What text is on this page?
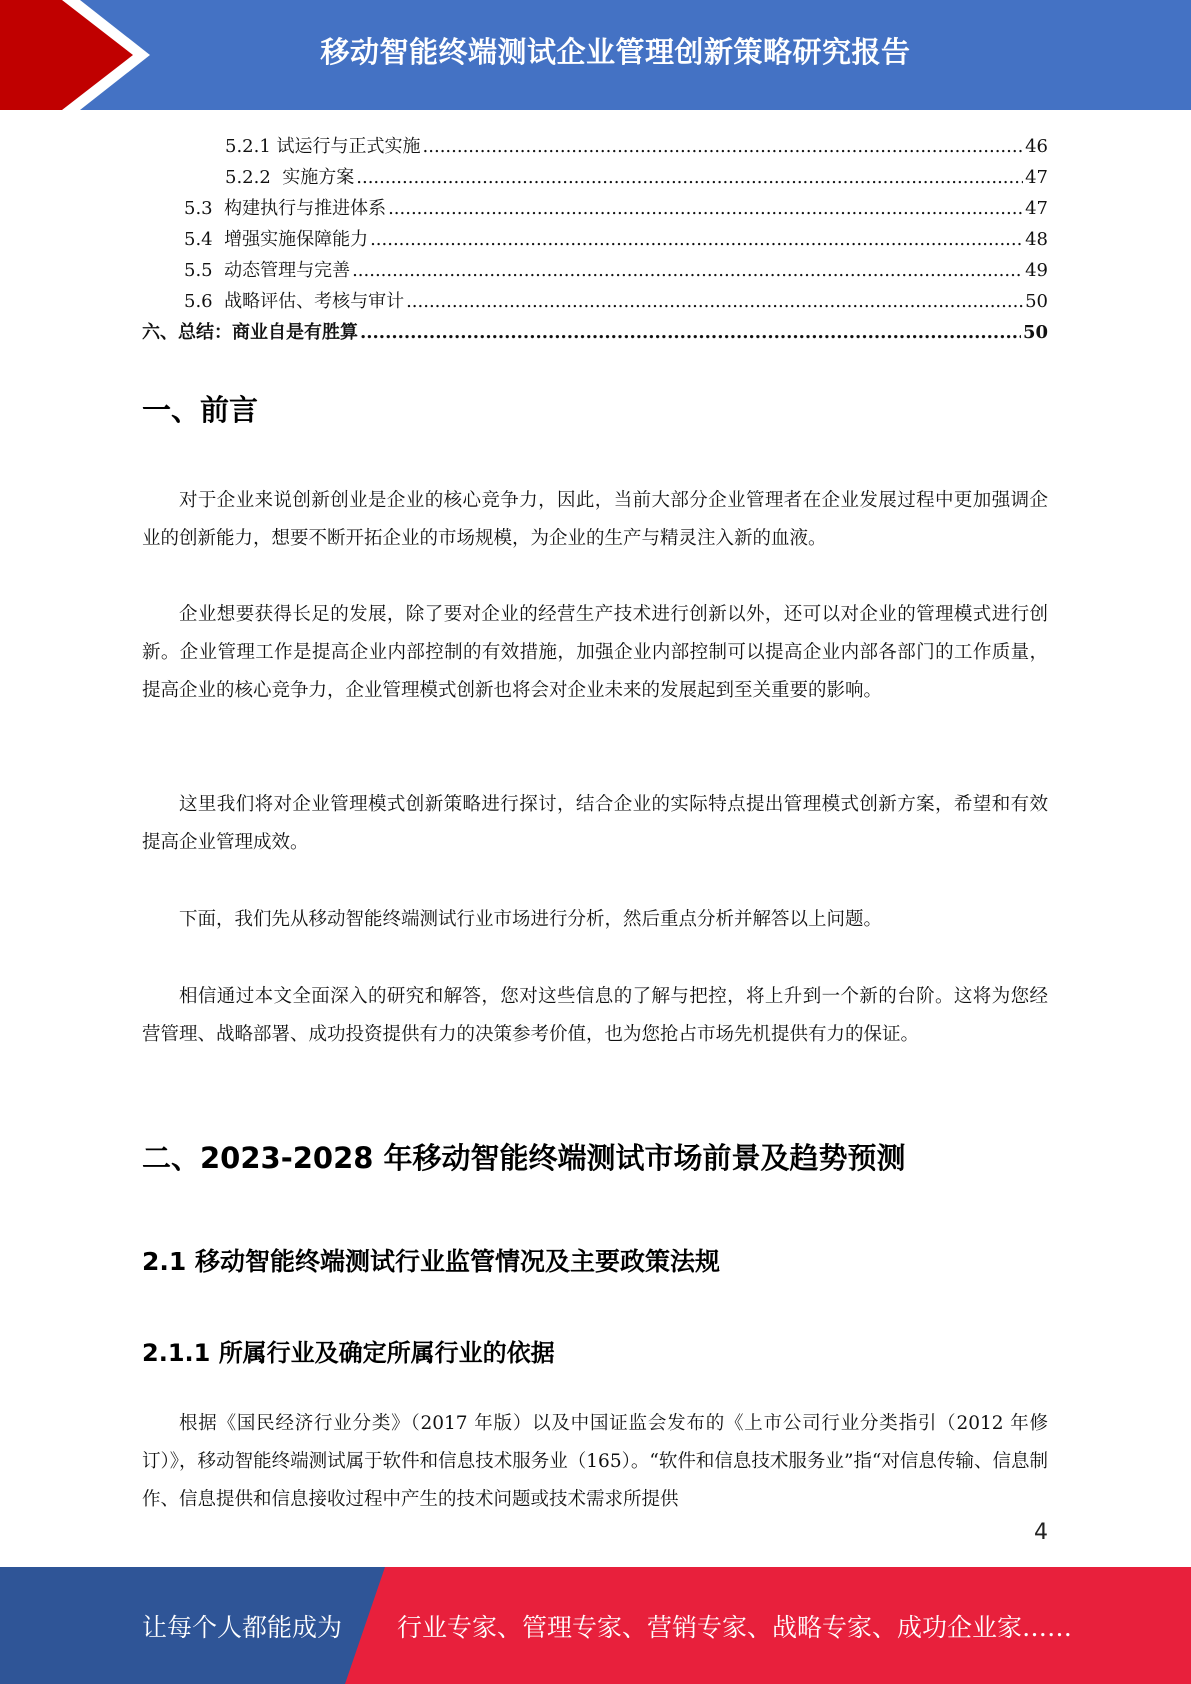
移动智能终端测试企业管理创新策略研究报告
5.2.1 试运行与正式实施 .....	46
5.2.2  实施方案 .....	47
5.3  构建执行与推进体系 .....	47
5.4  增强实施保障能力 .....	48
5.5  动态管理与完善 .....	49
5.6  战略评估、考核与审计 .....	50
六、总结：商业自是有胜算 .....	50
一、前言

对于企业来说创新创业是企业的核心竞争力，因此，当前大部分企业管理者在企业发展过程中更加强调企业的创新能力，想要不断开拓企业的市场规模，为企业的生产与精灵注入新的血液。

企业想要获得长足的发展，除了要对企业的经营生产技术进行创新以外，还可以对企业的管理模式进行创新。企业管理工作是提高企业内部控制的有效措施，加强企业内部控制可以提高企业内部各部门的工作质量，提高企业的核心竞争力，企业管理模式创新也将会对企业未来的发展起到至关重要的影响。

这里我们将对企业管理模式创新策略进行探讨，结合企业的实际特点提出管理模式创新方案，希望和有效提高企业管理成效。

下面，我们先从移动智能终端测试行业市场进行分析，然后重点分析并解答以上问题。

相信通过本文全面深入的研究和解答，您对这些信息的了解与把控，将上升到一个新的台阶。这将为您经营管理、战略部署、成功投资提供有力的决策参考价值，也为您抢占市场先机提供有力的保证。

二、2023-2028 年移动智能终端测试市场前景及趋势预测
2.1 移动智能终端测试行业监管情况及主要政策法规
2.1.1 所属行业及确定所属行业的依据

根据《国民经济行业分类》（2017 年版）以及中国证监会发布的《上市公司行业分类指引（2012 年修订）》，移动智能终端测试属于软件和信息技术服务业（165）。“软件和信息技术服务业”指“对信息传输、信息制作、信息提供和信息接收过程中产生的技术问题或技术需求所提供

4
让每个人都能成为 行业专家、管理专家、营销专家、战略专家、成功企业家……
